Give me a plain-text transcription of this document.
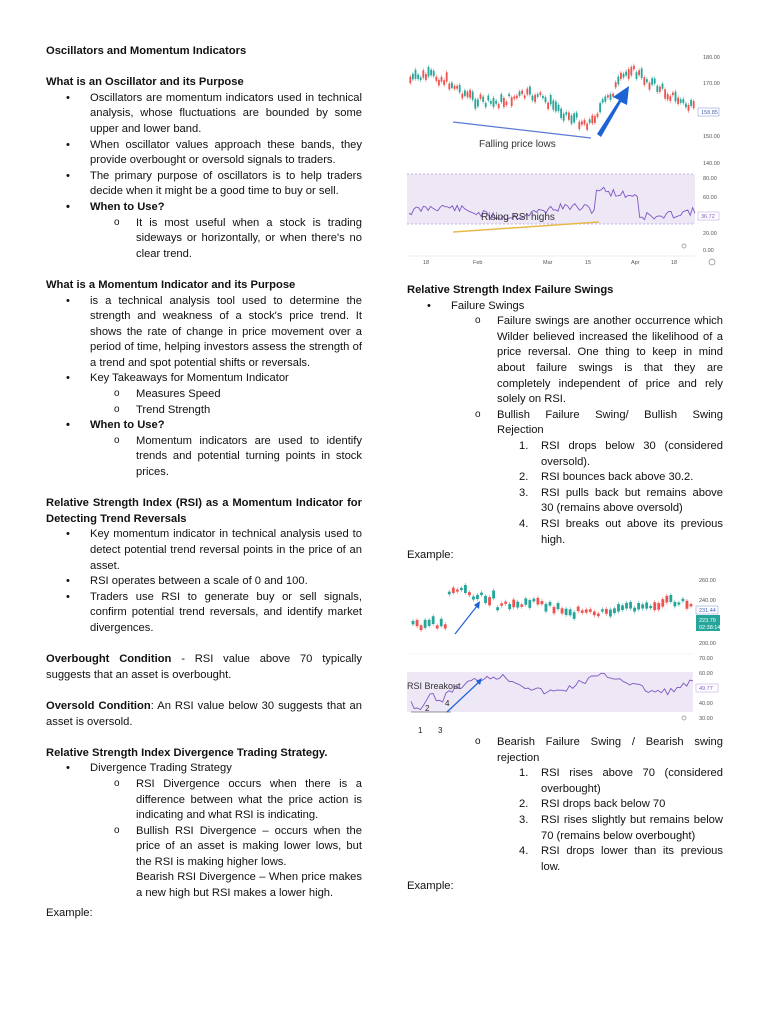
Oscillators and Momentum Indicators

What is an Oscillator and its Purpose

• Oscillators are momentum indicators used in technical analysis, whose fluctuations are bounded by some upper and lower band.
• When oscillator values approach these bands, they provide overbought or oversold signals to traders.
• The primary purpose of oscillators is to help traders decide when it might be a good time to buy or sell.
• When to Use?
o It is most useful when a stock is trading sideways or horizontally, or when there's no clear trend.

What is a Momentum Indicator and its Purpose

• is a technical analysis tool used to determine the strength and weakness of a stock's price trend. It shows the rate of change in price movement over a period of time, helping investors assess the strength of a trend and spot potential shifts or reversals.
• Key Takeaways for Momentum Indicator
o Measures Speed
o Trend Strength
• When to Use?
o Momentum indicators are used to identify trends and potential turning points in stock prices.

Relative Strength Index (RSI) as a Momentum Indicator for Detecting Trend Reversals

• Key momentum indicator in technical analysis used to detect potential trend reversal points in the price of an asset.
• RSI operates between a scale of 0 and 100.
• Traders use RSI to generate buy or sell signals, confirm potential trend reversals, and identify market divergences.

Overbought Condition - RSI value above 70 typically suggests that an asset is overbought.

Oversold Condition: An RSI value below 30 suggests that an asset is oversold.

Relative Strength Index Divergence Trading Strategy.

• Divergence Trading Strategy
o RSI Divergence occurs when there is a difference between what the price action is indicating and what RSI is indicating.
o Bullish RSI Divergence – occurs when the price of an asset is making lower lows, but the RSI is making higher lows.
Bearish RSI Divergence – When price makes a new high but RSI makes a lower high.

Example:

Falling price lows
Rising RSI highs
180.00
170.00
158.85
150.00
140.00
80.00
60.00
36.72
20.00
0.00
18	Feb	Mar	15	Apr	18

Relative Strength Index Failure Swings

• Failure Swings
o Failure swings are another occurrence which Wilder believed increased the likelihood of a price reversal. One thing to keep in mind about failure swings is that they are completely independent of price and rely solely on RSI.
o Bullish Failure Swing/ Bullish Swing Rejection
1. RSI drops below 30 (considered oversold).
2. RSI bounces back above 30.2.
3. RSI pulls back but remains above 30 (remains above oversold)
4. RSI breaks out above its previous high.

Example:

RSI Breakout
1
2
3
4
260.00
240.00
231.44
223.79
02:38:14
200.00
70.00
60.00
49.77
40.00
30.00
o Bearish Failure Swing / Bearish swing rejection
1. RSI rises above 70 (considered overbought)
2. RSI drops back below 70
3. RSI rises slightly but remains below 70 (remains below overbought)
4. RSI drops lower than its previous low.

Example:
